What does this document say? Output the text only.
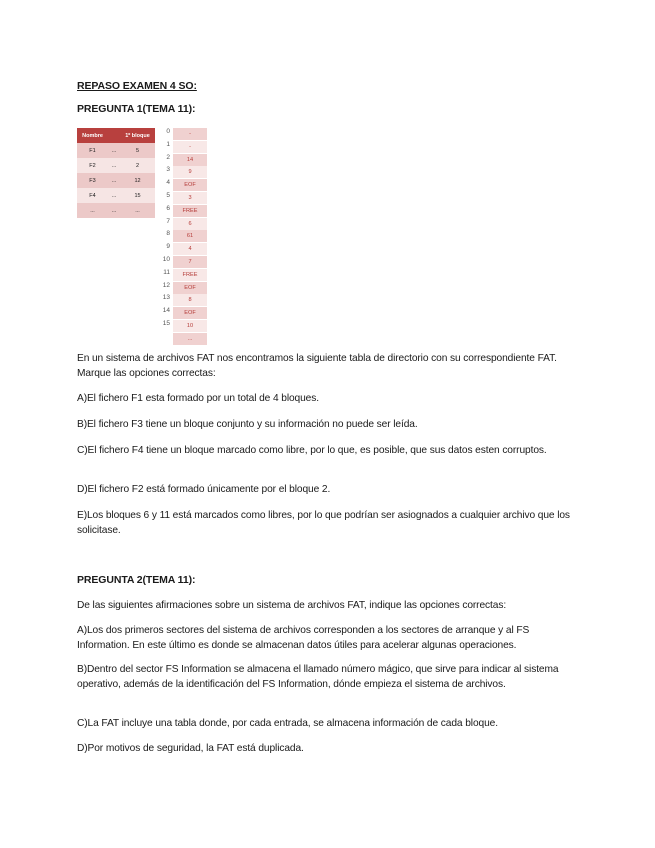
REPASO EXAMEN 4 SO:
PREGUNTA 1(TEMA 11):
Nombre		1º bloque
F1	...	5
F2	...	2
F3	...	12
F4	...	15
...	...	...
0	-
1	-
2	14
3	9
4	EOF
5	3
6	FREE
7	6
8	61
9	4
10	7
11	FREE
12	EOF
13	8
14	EOF
15	10
...
En un sistema de archivos FAT nos encontramos la siguiente tabla de directorio con su correspondiente FAT. Marque las opciones correctas:
A)El fichero F1 esta formado por un total de 4 bloques.
B)El fichero F3 tiene un bloque conjunto y su información no puede ser leída.
C)El fichero F4 tiene un bloque marcado como libre, por lo que, es posible, que sus datos esten corruptos.
D)El fichero F2 está formado únicamente por el bloque 2.
E)Los bloques 6 y 11 está marcados como libres, por lo que podrían ser asiognados a cualquier archivo que los solicitase.
PREGUNTA 2(TEMA 11):
De las siguientes afirmaciones sobre un sistema de archivos FAT, indique las opciones correctas:
A)Los dos primeros sectores del sistema de archivos corresponden a los sectores de arranque y al FS Information. En este último es donde se almacenan datos útiles para acelerar algunas operaciones.
B)Dentro del sector FS Information se almacena el llamado número mágico, que sirve para indicar al sistema operativo, además de la identificación del FS Information, dónde empieza el sistema de archivos.
C)La FAT incluye una tabla donde, por cada entrada, se almacena información de cada bloque.
D)Por motivos de seguridad, la FAT está duplicada.
